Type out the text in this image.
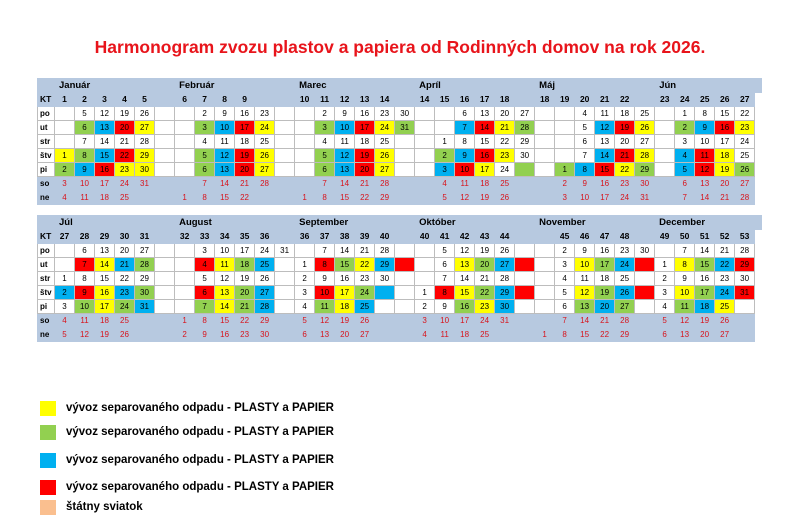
Harmonogram zvozu plastov a papiera od Rodinných domov na rok 2026.
	Január						Február						Marec						Apríl						Máj						Jún					
KT	1	2	3	4	5		6	7	8	9			10	11	12	13	14		14	15	16	17	18		18	19	20	21	22		23	24	25	26	27	
po		5	12	19	26			2	9	16	23			2	9	16	23	30			6	13	20	27			4	11	18	25		1	8	15	22	
ut		6	13	20	27			3	10	17	24			3	10	17	24	31			7	14	21	28			5	12	19	26		2	9	16	23	
str		7	14	21	28			4	11	18	25			4	11	18	25			1	8	15	22	29			6	13	20	27		3	10	17	24	
štv	1	8	15	22	29			5	12	19	26			5	12	19	26			2	9	16	23	30			7	14	21	28		4	11	18	25	
pi	2	9	16	23	30			6	13	20	27			6	13	20	27			3	10	17	24			1	8	15	22	29		5	12	19	26	
so	3	10	17	24	31			7	14	21	28			7	14	21	28			4	11	18	25			2	9	16	23	30		6	13	20	27	
ne	4	11	18	25			1	8	15	22			1	8	15	22	29			5	12	19	26			3	10	17	24	31		7	14	21	28	
	Júl						August						September						Október						November						December					
KT	27	28	29	30	31		32	33	34	35	36		36	37	38	39	40		40	41	42	43	44			45	46	47	48		49	50	51	52	53	
po		6	13	20	27			3	10	17	24	31		7	14	21	28			5	12	19	26			2	9	16	23	30		7	14	21	28	
ut		7	14	21	28			4	11	18	25		1	8	15	22	29			6	13	20	27			3	10	17	24		1	8	15	22	29	
str	1	8	15	22	29			5	12	19	26		2	9	16	23	30			7	14	21	28			4	11	18	25		2	9	16	23	30	
štv	2	9	16	23	30			6	13	20	27		3	10	17	24			1	8	15	22	29			5	12	19	26		3	10	17	24	31	
pi	3	10	17	24	31			7	14	21	28		4	11	18	25			2	9	16	23	30			6	13	20	27		4	11	18	25		
so	4	11	18	25			1	8	15	22	29		5	12	19	26			3	10	17	24	31			7	14	21	28		5	12	19	26		
ne	5	12	19	26			2	9	16	23	30		6	13	20	27			4	11	18	25			1	8	15	22	29		6	13	20	27		
vývoz separovaného odpadu - PLASTY a PAPIER
vývoz separovaného odpadu - PLASTY a PAPIER
vývoz separovaného odpadu - PLASTY a PAPIER
vývoz separovaného odpadu - PLASTY a PAPIER
štátny sviatok
